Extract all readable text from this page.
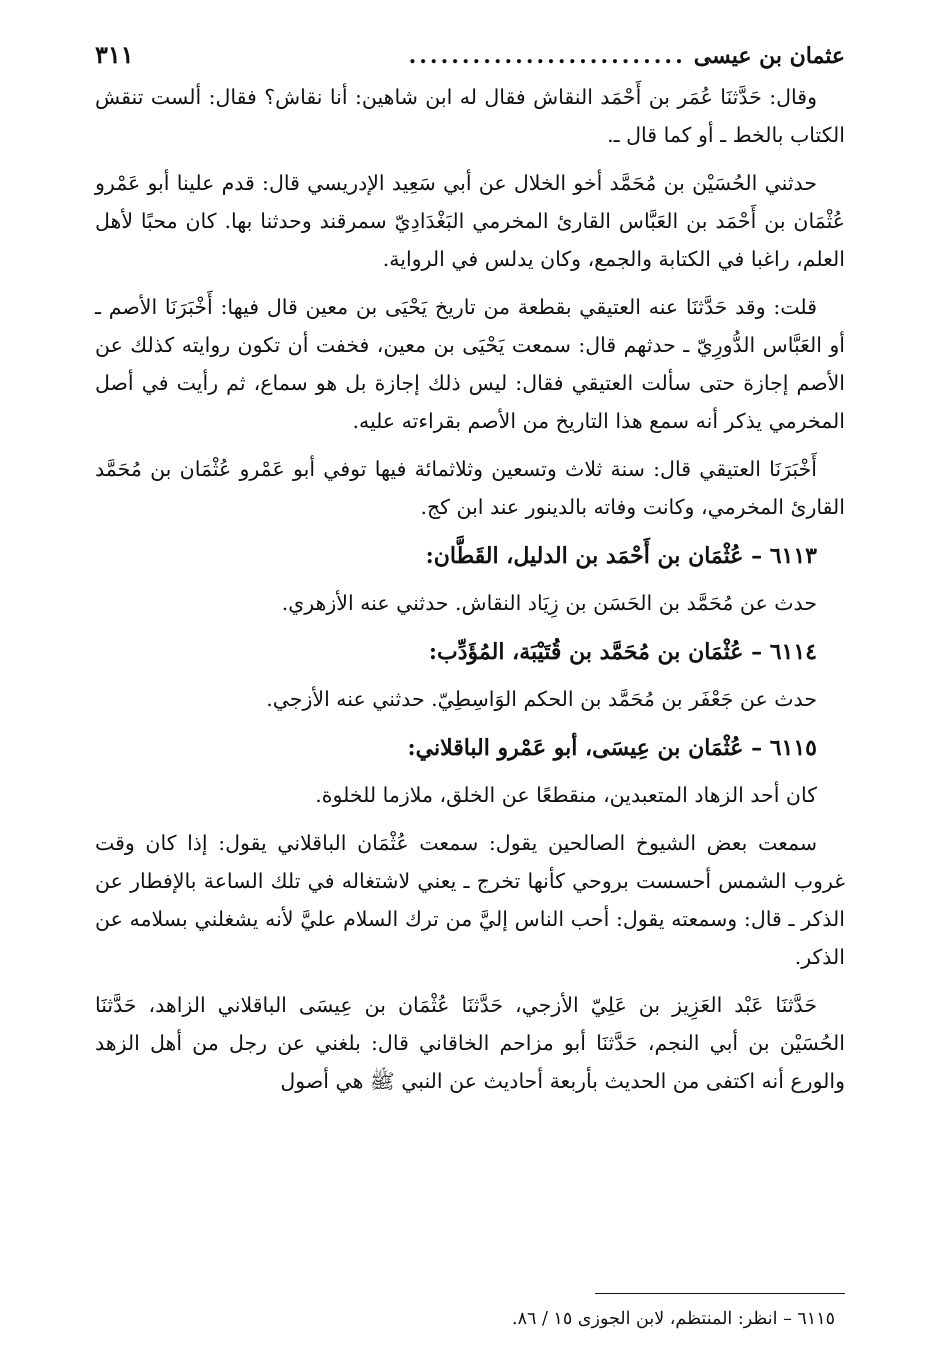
عثمان بن عيسى
..........................
٣١١

وقال: حَدَّثنَا عُمَر بن أَحْمَد النقاش فقال له ابن شاهين: أنا نقاش؟ فقال: ألست تنقش الكتاب بالخط ـ أو كما قال ـ.

حدثني الحُسَيْن بن مُحَمَّد أخو الخلال عن أبي سَعِيد الإدريسي قال: قدم علينا أبو عَمْرو عُثْمَان بن أَحْمَد بن العَبَّاس القارئ المخرمي البَغْدَادِيّ سمرقند وحدثنا بها. كان محبًا لأهل العلم، راغبا في الكتابة والجمع، وكان يدلس في الرواية.

قلت: وقد حَدَّثنَا عنه العتيقي بقطعة من تاريخ يَحْيَى بن معين قال فيها: أَخْبَرَنَا الأصم ـ أو العَبَّاس الدُّورِيّ ـ حدثهم قال: سمعت يَحْيَى بن معين، فخفت أن تكون روايته كذلك عن الأصم إجازة حتى سألت العتيقي فقال: ليس ذلك إجازة بل هو سماع، ثم رأيت في أصل المخرمي يذكر أنه سمع هذا التاريخ من الأصم بقراءته عليه.

أَخْبَرَنَا العتيقي قال: سنة ثلاث وتسعين وثلاثمائة فيها توفي أبو عَمْرو عُثْمَان بن مُحَمَّد القارئ المخرمي، وكانت وفاته بالدينور عند ابن كج.

٦١١٣ – عُثْمَان بن أَحْمَد بن الدليل، القَطَّان:

حدث عن مُحَمَّد بن الحَسَن بن زِيَاد النقاش. حدثني عنه الأزهري.

٦١١٤ – عُثْمَان بن مُحَمَّد بن قُتَيْبَة، المُؤَدِّب:

حدث عن جَعْفَر بن مُحَمَّد بن الحكم الوَاسِطِيّ. حدثني عنه الأزجي.

٦١١٥ – عُثْمَان بن عِيسَى، أبو عَمْرو الباقلاني:

كان أحد الزهاد المتعبدين، منقطعًا عن الخلق، ملازما للخلوة.

سمعت بعض الشيوخ الصالحين يقول: سمعت عُثْمَان الباقلاني يقول: إذا كان وقت غروب الشمس أحسست بروحي كأنها تخرج ـ يعني لاشتغاله في تلك الساعة بالإفطار عن الذكر ـ قال: وسمعته يقول: أحب الناس إليَّ من ترك السلام عليَّ لأنه يشغلني بسلامه عن الذكر.

حَدَّثنَا عَبْد العَزِيز بن عَلِيّ الأزجي، حَدَّثنَا عُثْمَان بن عِيسَى الباقلاني الزاهد، حَدَّثنَا الحُسَيْن بن أبي النجم، حَدَّثنَا أبو مزاحم الخاقاني قال: بلغني عن رجل من أهل الزهد والورع أنه اكتفى من الحديث بأربعة أحاديث عن النبي ﷺ هي أصول

٦١١٥ – انظر: المنتظم، لابن الجوزى ١٥ / ٨٦.
